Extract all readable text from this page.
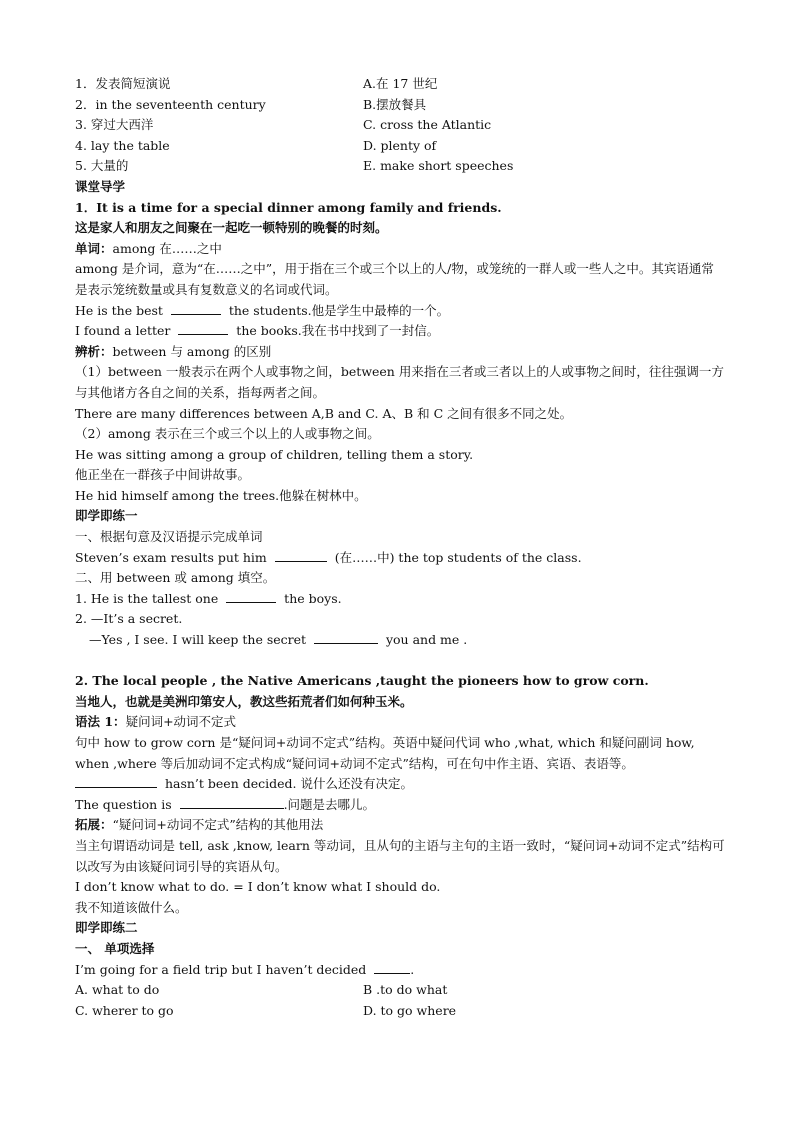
1．发表简短演说	A.在 17 世纪
2．in the seventeenth century	B.摆放餐具
3. 穿过大西洋	C. cross the Atlantic
4. lay the table	D. plenty of
5. 大量的	E. make short speeches
课堂导学
1．It is a time for a special dinner among family and friends.
这是家人和朋友之间聚在一起吃一顿特别的晚餐的时刻。
单词：among 在……之中
among 是介词，意为“在……之中”，用于指在三个或三个以上的人/物，或笼统的一群人或一些人之中。其宾语通常是表示笼统数量或具有复数意义的名词或代词。
He is the best	the students.他是学生中最棒的一个。
I found a letter	the books.我在书中找到了一封信。
辨析：between 与 among 的区别
（1）between 一般表示在两个人或事物之间，between 用来指在三者或三者以上的人或事物之间时，往往强调一方与其他诸方各自之间的关系，指每两者之间。
There are many differences between A,B and C. A、B 和 C 之间有很多不同之处。
（2）among 表示在三个或三个以上的人或事物之间。
He was sitting among a group of children, telling them a story.
他正坐在一群孩子中间讲故事。
He hid himself among the trees.他躲在树林中。
即学即练一
一、根据句意及汉语提示完成单词
Steven’s exam results put him	(在……中) the top students of the class.
二、用 between 或 among 填空。
1. He is the tallest one	the boys.
2. —It’s a secret.
—Yes , I see. I will keep the secret	you and me .
2. The local people , the Native Americans ,taught the pioneers how to grow corn.
当地人，也就是美洲印第安人，教这些拓荒者们如何种玉米。
语法 1：疑问词+动词不定式
句中 how to grow corn 是“疑问词+动词不定式”结构。英语中疑问代词 who ,what, which 和疑问副词 how, when ,where 等后加动词不定式构成“疑问词+动词不定式”结构，可在句中作主语、宾语、表语等。
hasn’t been decided. 说什么还没有决定。
The question is	.问题是去哪儿。
拓展：“疑问词+动词不定式”结构的其他用法
当主句谓语动词是 tell, ask ,know, learn 等动词，且从句的主语与主句的主语一致时，“疑问词+动词不定式”结构可以改写为由该疑问词引导的宾语从句。
I don’t know what to do. = I don’t know what I should do.
我不知道该做什么。
即学即练二
一、 单项选择
I’m going for a field trip but I haven’t decided	.
A. what to do	B .to do what
C. wherer to go	D. to go where
